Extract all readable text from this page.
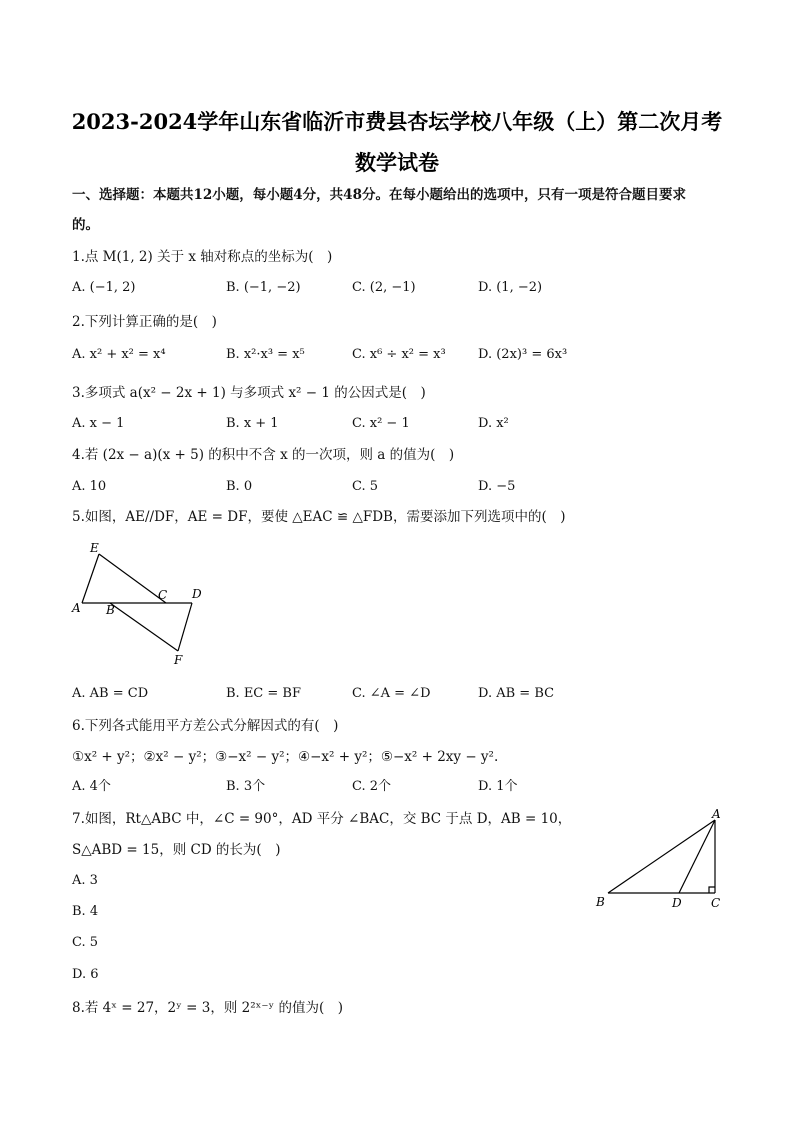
2023-2024学年山东省临沂市费县杏坛学校八年级（上）第二次月考
数学试卷
一、选择题：本题共12小题，每小题4分，共48分。在每小题给出的选项中，只有一项是符合题目要求
的。
1.点 M(1, 2) 关于 x 轴对称点的坐标为(　)
A. (−1, 2)	B. (−1, −2)	C. (2, −1)	D. (1, −2)
2.下列计算正确的是(　)
A. x² + x² = x⁴	B. x²·x³ = x⁵	C. x⁶ ÷ x² = x³ D. (2x)³ = 6x³
3.多项式 a(x² − 2x + 1) 与多项式 x² − 1 的公因式是(　)
A. x − 1	B. x + 1	C. x² − 1	D. x²
4.若 (2x − a)(x + 5) 的积中不含 x 的一次项，则 a 的值为(　)
A. 10	B. 0	C. 5	D. −5
5.如图，AE//DF，AE = DF，要使 △EAC ≌ △FDB，需要添加下列选项中的(　)
E
A B
C D
F
A. AB = CD	B. EC = BF	C. ∠A = ∠D	D. AB = BC
6.下列各式能用平方差公式分解因式的有(　)
①x² + y²；②x² − y²；③−x² − y²；④−x² + y²；⑤−x² + 2xy − y².
A. 4个	B. 3个	C. 2个	D. 1个
7.如图，Rt△ABC 中，∠C = 90°，AD 平分 ∠BAC，交 BC 于点 D，AB = 10，
S△ABD = 15，则 CD 的长为(　)
A. 3
B. 4
C. 5
D. 6
A
B	D C
8.若 4ˣ = 27，2ʸ = 3，则 2²ˣ⁻ʸ 的值为(　)
